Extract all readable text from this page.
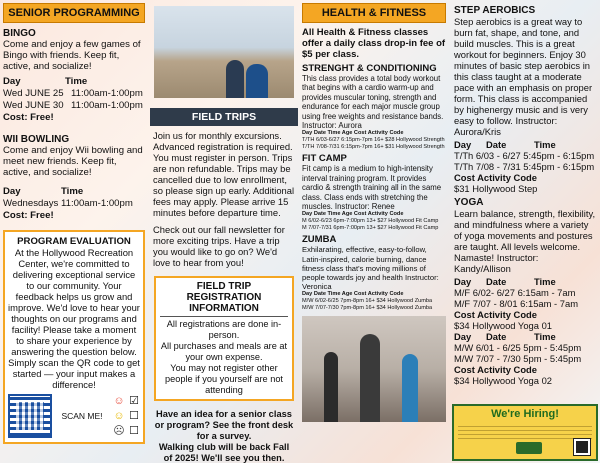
SENIOR PROGRAMMING
BINGO

Come and enjoy a few games of Bingo with friends. Keep fit, active, and socialize!

Day	Time
Wed JUNE 25 11:00am-1:00pm
Wed JUNE 30 11:00am-1:00pm
Cost: Free!
WII BOWLING

Come and enjoy Wii bowling and meet new friends. Keep fit, active, and socialize!

Day	Time
Wednesdays 11:00am-1:00pm
Cost: Free!
PROGRAM EVALUATION
At the Hollywood Recreation Center, we're committed to delivering exceptional service to our community. Your feedback helps us grow and improve. We'd love to hear your thoughts on our programs and facility! Please take a moment to share your experience by answering the question below. Simply scan the QR code to get started — your input makes a difference!
SCAN ME!
☺ ☑
☺ ☐
☹ ☐
FIELD TRIPS

Join us for monthly excursions. Advanced registration is required. You must register in person. Trips are non refundable. Trips may be cancelled due to low enrollment, so please sign up early. Additional fees may apply. Please arrive 15 minutes before departure time.

Check out our fall newsletter for more exciting trips. Have a trip you would like to go on? We'd love to hear from you!

FIELD TRIP REGISTRATION INFORMATION
All registrations are done in-person.
All purchases and meals are at your own expense.
You may not register other people if you yourself are not attending
Have an idea for a senior class or program? See the front desk for a survey.
Walking club will be back Fall of 2025! We'll see you then.
HEALTH & FITNESS
All Health & Fitness classes offer a daily class drop-in fee of $5 per class.
STRENGHT & CONDITIONING

This class provides a total body workout that begins with a cardio warm-up and provides muscular toning, strength and endurance for each major muscle group using free weights and resistance bands. Instructor: Aurora

Day Date Time Age Cost Activity Code
T/TH 6/03-6/27 6:15pm-7pm 16+ $28 Hollywood Strength
T/TH 7/08-7/31 6:15pm-7pm 16+ $31 Hollywood Strength
FIT CAMP

Fit camp is a medium to high-intensity interval training program. It provides cardio & strength training all in the same class. Class ends with stretching the muscles. Instructor: Renee

Day Date Time Age Cost Activity Code
M 6/02-6/23 6pm-7:00pm 13+ $27 Hollywood Fit Camp
M 7/07-7/31 6pm-7:00pm 13+ $27 Hollywood Fit Camp
ZUMBA

Exhilarating, effective, easy-to-follow, Latin-inspired, calorie burning, dance fitness class that's moving millions of people towards joy and health Instructor: Veronica

Day Date Time Age Cost Activity Code
M/W 6/02-6/25 7pm-8pm 16+ $34 Hollywood Zumba
M/W 7/07-7/30 7pm-8pm 16+ $34 Hollywood Zumba
STEP AEROBICS

Step aerobics is a great way to burn fat, shape, and tone, and build muscles. This is a great workout for beginners. Enjoy 30 minutes of basic step aerobics in this class taught at a moderate pace with an emphasis on proper form. This class is accompanied by highenergy music and is very easy to follow. Instructor: Aurora/Kris

Day	Date	Time
T/Th 6/03 - 6/27 5:45pm - 6:15pm
T/Th 7/08 - 7/31 5:45pm - 6:15pm
Cost Activity Code
$31 Hollywood Step
YOGA

Learn balance, strength, flexibility, and mindfulness where a variety of yoga movements and postures are taught. All levels welcome. Namaste! Instructor: Kandy/Allison

Day	Date	Time
M/F 6/02- 6/27 6:15am - 7am
M/F 7/07 - 8/01 6:15am - 7am
Cost Activity Code
$34 Hollywood Yoga 01
Day	Date	Time
M/W 6/01 - 6/25 5pm - 5:45pm
M/W 7/07 - 7/30 5pm - 5:45pm
Cost Activity Code
$34 Hollywood Yoga 02
We're Hiring!
